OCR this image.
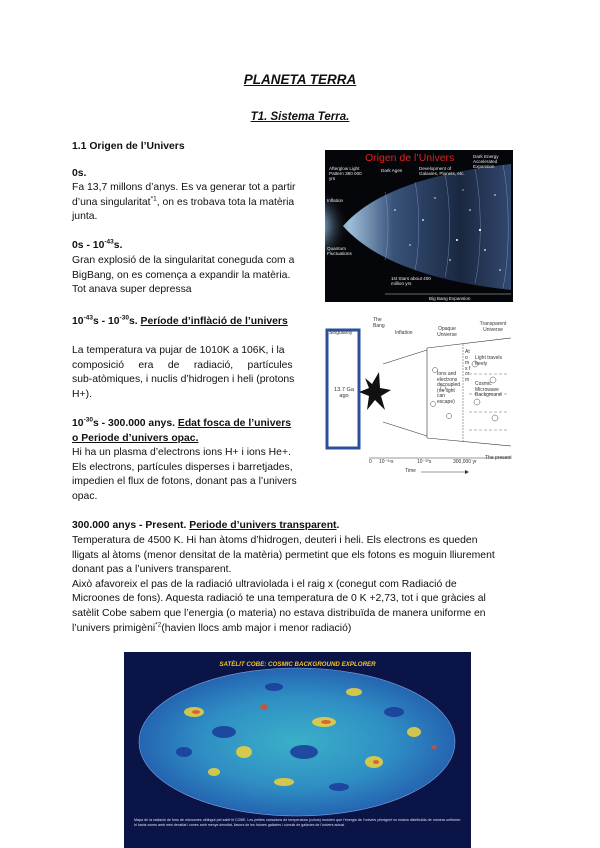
PLANETA TERRA
T1. Sistema Terra.
1.1 Origen de l’Univers
0s.
Fa 13,7 millons d’anys. Es va generar tot a partir
d’una singularitat$^{*1}$, on es trobava tota la matèria
junta.
$0s - 10^{-43}s$.
Gran explosió de la singularitat coneguda com a
BigBang, on es comença a expandir la matèria.
Tot anava super depressa
$10^{-43}s - 10^{-30}s$. Període d’inflàció de l’univers
La temperatura va pujar de 1010K a 106K, i la
composició     era     de     radiació,     partícules
sub-atòmiques, i nuclis d’hidrogen i heli (protons
H+).
$10^{-30}s - 300.000$ anys. Edat fosca de l’univers
o Periode d’univers opac.
Hi ha un plasma d’electrons ions H+ i ions He+.
Els electrons, partícules disperses i barretjades,
impedien el flux de fotons, donant pas a l’univers
opac.
300.000 anys - Present. Periode d’univers transparent.
Temperatura de 4500 K. Hi han àtoms d’hidrogen, deuteri i heli. Els electrons es queden
lligats al àtoms (menor densitat de la matèria) permetint que els fotons es moguin lliurement
donant pas a l’univers transparent.
Això afavoreix el pas de la radiació ultraviolada i el raig x (conegut com Radiació de
Microones de fons). Aquesta radiació te una temperatura de 0 K +2,73, tot i que gràcies al
satèlit Cobe sabem que l’energia (o materia) no estava distribuïda de manera uniforme en
l’univers primigèni$^{*2}$(havien llocs amb major i menor radiació)
Origen de l’Univers
Afterglow Light Pattern 380 000 yrs
Dark Ages	Development of Galaxies, Planets, etc.
Dark Energy Accelerated Expansion
Inflation
Quantum Fluctuations
1st Stars about 400 million yrs
Big Bang Expansion
Singularity
The Bang
Inflation
Opaque Universe
Transparent Universe
13.7 Ga ago
Ions and electrons decoupled (no light can escape)
Atoms form
Cosmic Microwave Background
Light travels freely
0 10⁻³⁴s	10⁻³⁰s	300,000 yr
The present
Time
SATÈLIT COBE: COSMIC BACKGROUND EXPLORER
Mapa de la radiació de fons de microones obtingut pel satèl·lit COBE. Les petites variacions de temperatura (colors) mostren que l’energia de l’univers primigeni no estava distribuïda de manera uniforme: hi havia zones amb més densitat i zones amb menys densitat, llavors de les futures galàxies i cúmuls de galàxies de l’univers actual.
